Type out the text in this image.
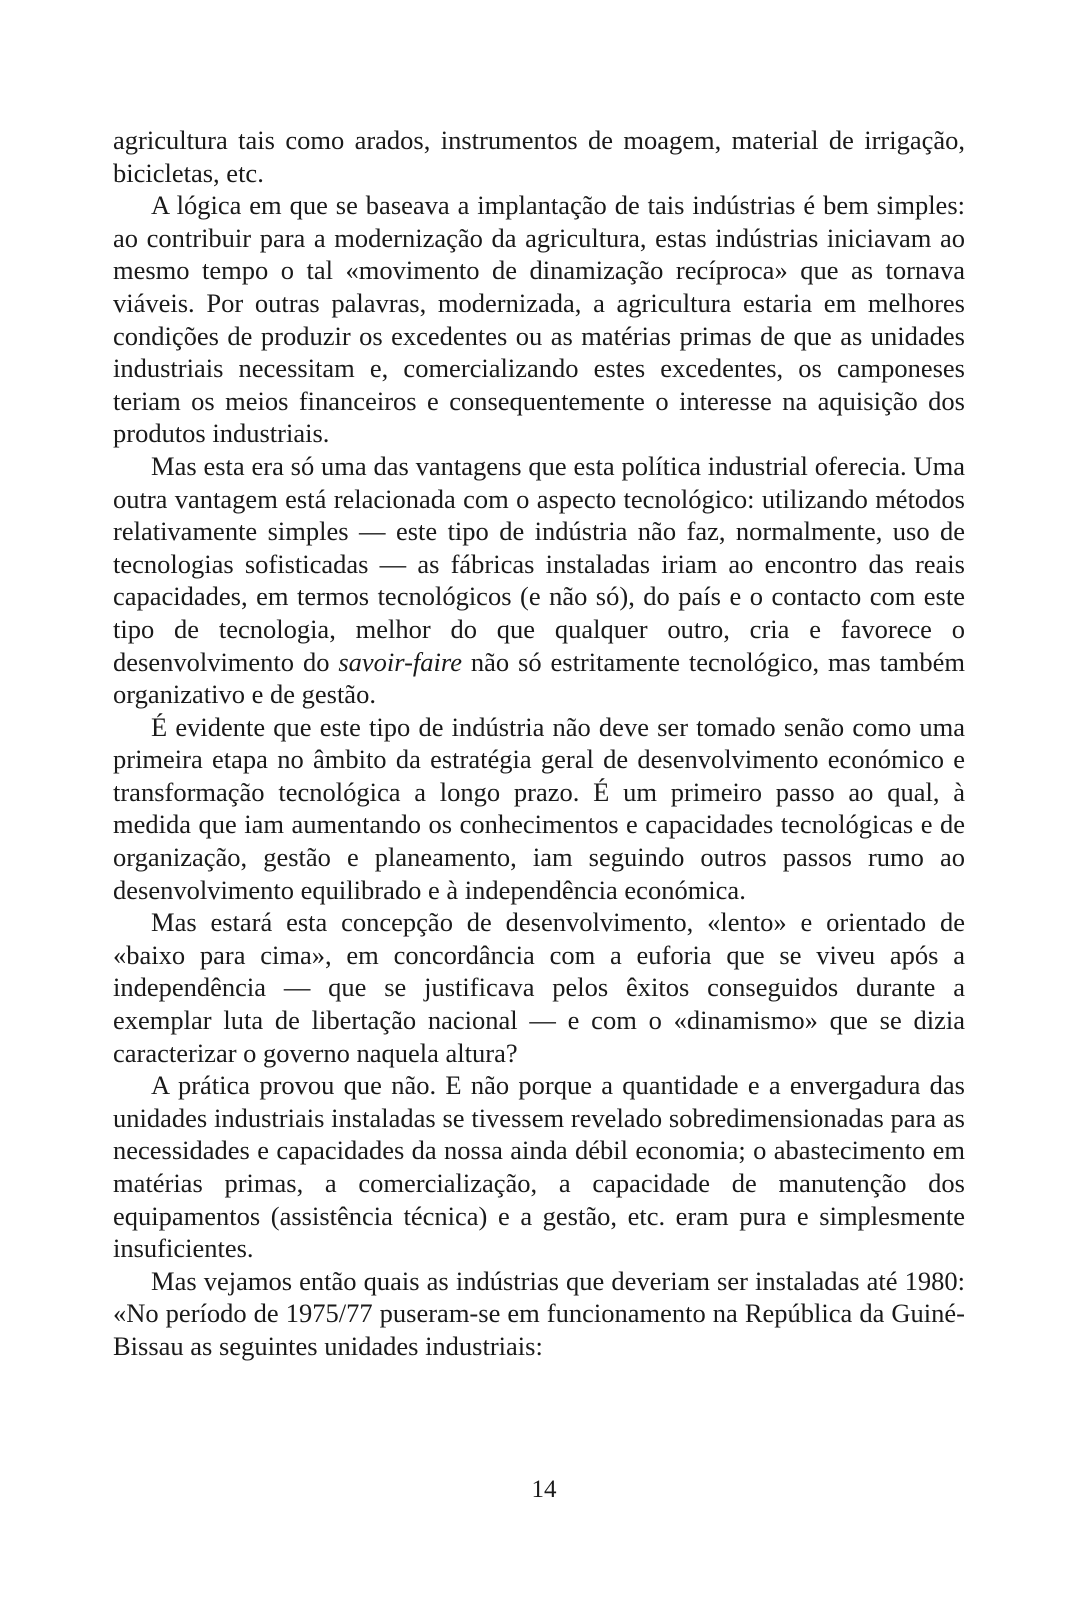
agricultura tais como arados, instrumentos de moagem, material de irrigação, bicicletas, etc.

A lógica em que se baseava a implantação de tais indústrias é bem simples: ao contribuir para a modernização da agricultura, estas indústrias iniciavam ao mesmo tempo o tal «movimento de dinamização recíproca» que as tornava viáveis. Por outras palavras, modernizada, a agricultura estaria em melhores condições de produzir os excedentes ou as matérias primas de que as unidades industriais necessitam e, comercializando estes excedentes, os camponeses teriam os meios financeiros e consequentemente o interesse na aquisição dos produtos industriais.

Mas esta era só uma das vantagens que esta política industrial oferecia. Uma outra vantagem está relacionada com o aspecto tecnológico: utilizando métodos relativamente simples — este tipo de indústria não faz, normalmente, uso de tecnologias sofisticadas — as fábricas instaladas iriam ao encontro das reais capacidades, em termos tecnológicos (e não só), do país e o contacto com este tipo de tecnologia, melhor do que qualquer outro, cria e favorece o desenvolvimento do savoir-faire não só estritamente tecnológico, mas também organizativo e de gestão.

É evidente que este tipo de indústria não deve ser tomado senão como uma primeira etapa no âmbito da estratégia geral de desenvolvimento económico e transformação tecnológica a longo prazo. É um primeiro passo ao qual, à medida que iam aumentando os conhecimentos e capacidades tecnológicas e de organização, gestão e planeamento, iam seguindo outros passos rumo ao desenvolvimento equilibrado e à independência económica.

Mas estará esta concepção de desenvolvimento, «lento» e orientado de «baixo para cima», em concordância com a euforia que se viveu após a independência — que se justificava pelos êxitos conseguidos durante a exemplar luta de libertação nacional — e com o «dinamismo» que se dizia caracterizar o governo naquela altura?

A prática provou que não. E não porque a quantidade e a envergadura das unidades industriais instaladas se tivessem revelado sobredimensionadas para as necessidades e capacidades da nossa ainda débil economia; o abastecimento em matérias primas, a comercialização, a capacidade de manutenção dos equipamentos (assistência técnica) e a gestão, etc. eram pura e simplesmente insuficientes.

Mas vejamos então quais as indústrias que deveriam ser instaladas até 1980: «No período de 1975/77 puseram-se em funcionamento na República da Guiné-Bissau as seguintes unidades industriais:

14
